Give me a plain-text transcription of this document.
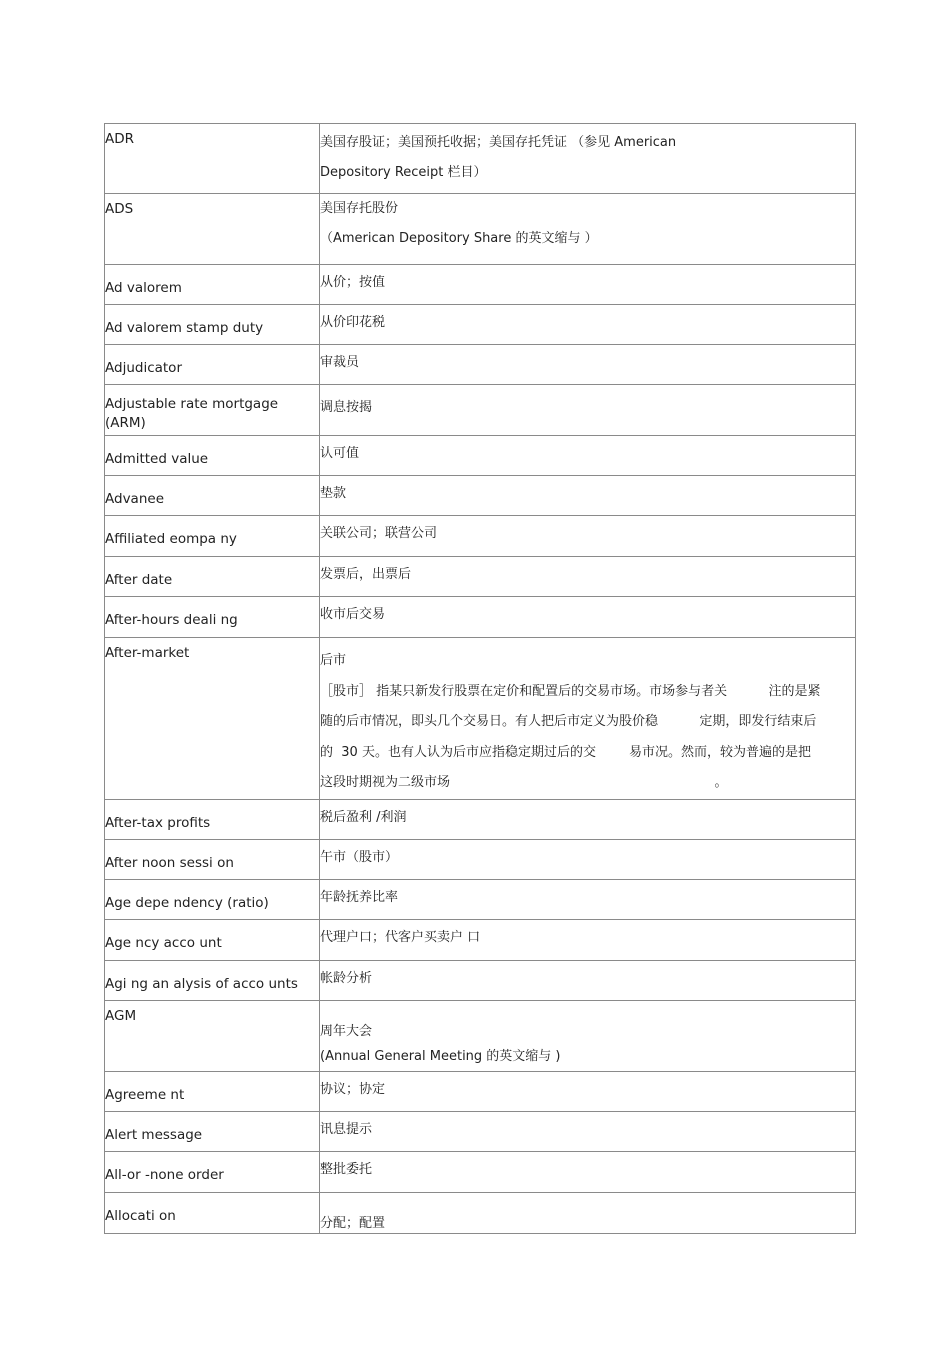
ADR	美国存股证；美国预托收据；美国存托凭证 （参见 American
Depository Receipt 栏目）

ADS	美国存托股份
（American Depository Share 的英文缩与 ）

Ad valorem	从价；按值

Ad valorem stamp duty	从价印花税

Adjudicator	审裁员

Adjustable rate mortgage (ARM)	调息按揭

Admitted value	认可值

Advanee	垫款

Affiliated eompa ny	关联公司；联营公司

After date	发票后，出票后

After-hours deali ng	收市后交易

After-market	后市
［股市］ 指某只新发行股票在定价和配置后的交易市场。市场参与者关          注的是紧
随的后市情况，即头几个交易日。有人把后市定义为股价稳          定期，即发行结束后
的  30 天。也有人认为后市应指稳定期过后的交        易市况。然而，较为普遍的是把
这段时期视为二级市场                                                                。

After-tax profits	税后盈利 /利润

After noon sessi on	午市（股市）

Age depe ndency (ratio)	年龄抚养比率

Age ncy acco unt	代理户口；代客户买卖户 口

Agi ng an alysis of acco unts	帐龄分析

AGM	周年大会
(Annual General Meeting 的英文缩与 )

Agreeme nt	协议；协定

Alert message	讯息提示

All-or -none order	整批委托

Allocati on	分配；配置
